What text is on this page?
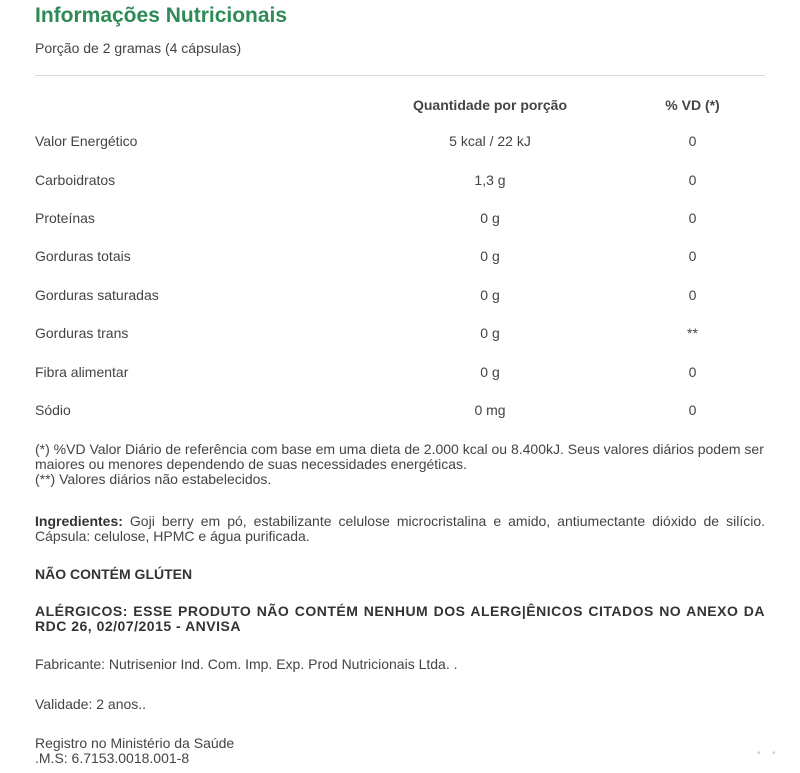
Informações Nutricionais
Porção de 2 gramas (4 cápsulas)
	Quantidade por porção	% VD (*)
Valor Energético	5 kcal / 22 kJ	0
Carboidratos	1,3 g	0
Proteínas	0 g	0
Gorduras totais	0 g	0
Gorduras saturadas	0 g	0
Gorduras trans	0 g	**
Fibra alimentar	0 g	0
Sódio	0 mg	0
(*) %VD Valor Diário de referência com base em uma dieta de 2.000 kcal ou 8.400kJ. Seus valores diários podem ser maiores ou menores dependendo de suas necessidades energéticas.
(**) Valores diários não estabelecidos.
Ingredientes: Goji berry em pó, estabilizante celulose microcristalina e amido, antiumectante dióxido de silício. Cápsula: celulose, HPMC e água purificada.
NÃO CONTÉM GLÚTEN
ALÉRGICOS: ESSE PRODUTO NÃO CONTÉM NENHUM DOS ALERG|ÊNICOS CITADOS NO ANEXO DA RDC 26, 02/07/2015 - ANVISA
Fabricante: Nutrisenior Ind. Com. Imp. Exp. Prod Nutricionais Ltda. .
Validade: 2 anos..
Registro no Ministério da Saúde
.M.S: 6.7153.0018.001-8	• •
